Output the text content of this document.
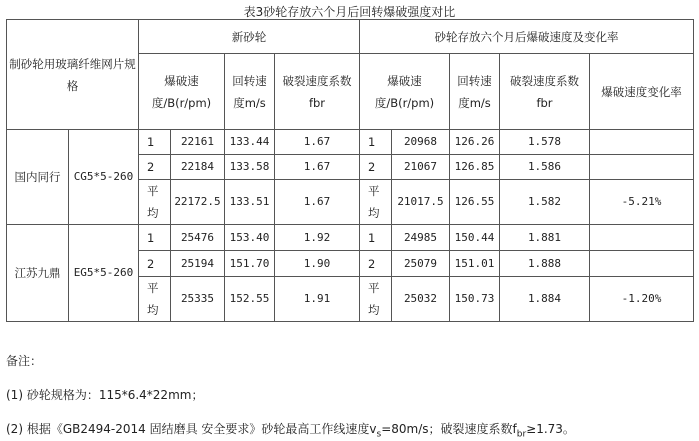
表3砂轮存放六个月后回转爆破强度对比
制砂轮用玻璃纤维网片规格		新砂轮				砂轮存放六个月后爆破速度及变化率				
		爆破速度/B(r/pm)		回转速度m/s	破裂速度系数fbr	爆破速度/B(r/pm)		回转速度m/s	破裂速度系数fbr	爆破速度变化率

国内同行	CG5*5-260	1	22161	133.44	1.67	1	20968	126.26	1.578	
		2	22184	133.58	1.67	2	21067	126.85	1.586	
		平均	22172.5	133.51	1.67	平均	21017.5	126.55	1.582	-5.21%
江苏九鼎	EG5*5-260	1	25476	153.40	1.92	1	24985	150.44	1.881	
		2	25194	151.70	1.90	2	25079	151.01	1.888	
		平均	25335	152.55	1.91	平均	25032	150.73	1.884	-1.20%
备注：
(1) 砂轮规格为：115*6.4*22mm；
(2) 根据《GB2494-2014 固结磨具 安全要求》砂轮最高工作线速度$v_s=80m/s$；破裂速度系数$f_{br}\ge 1.73$。
